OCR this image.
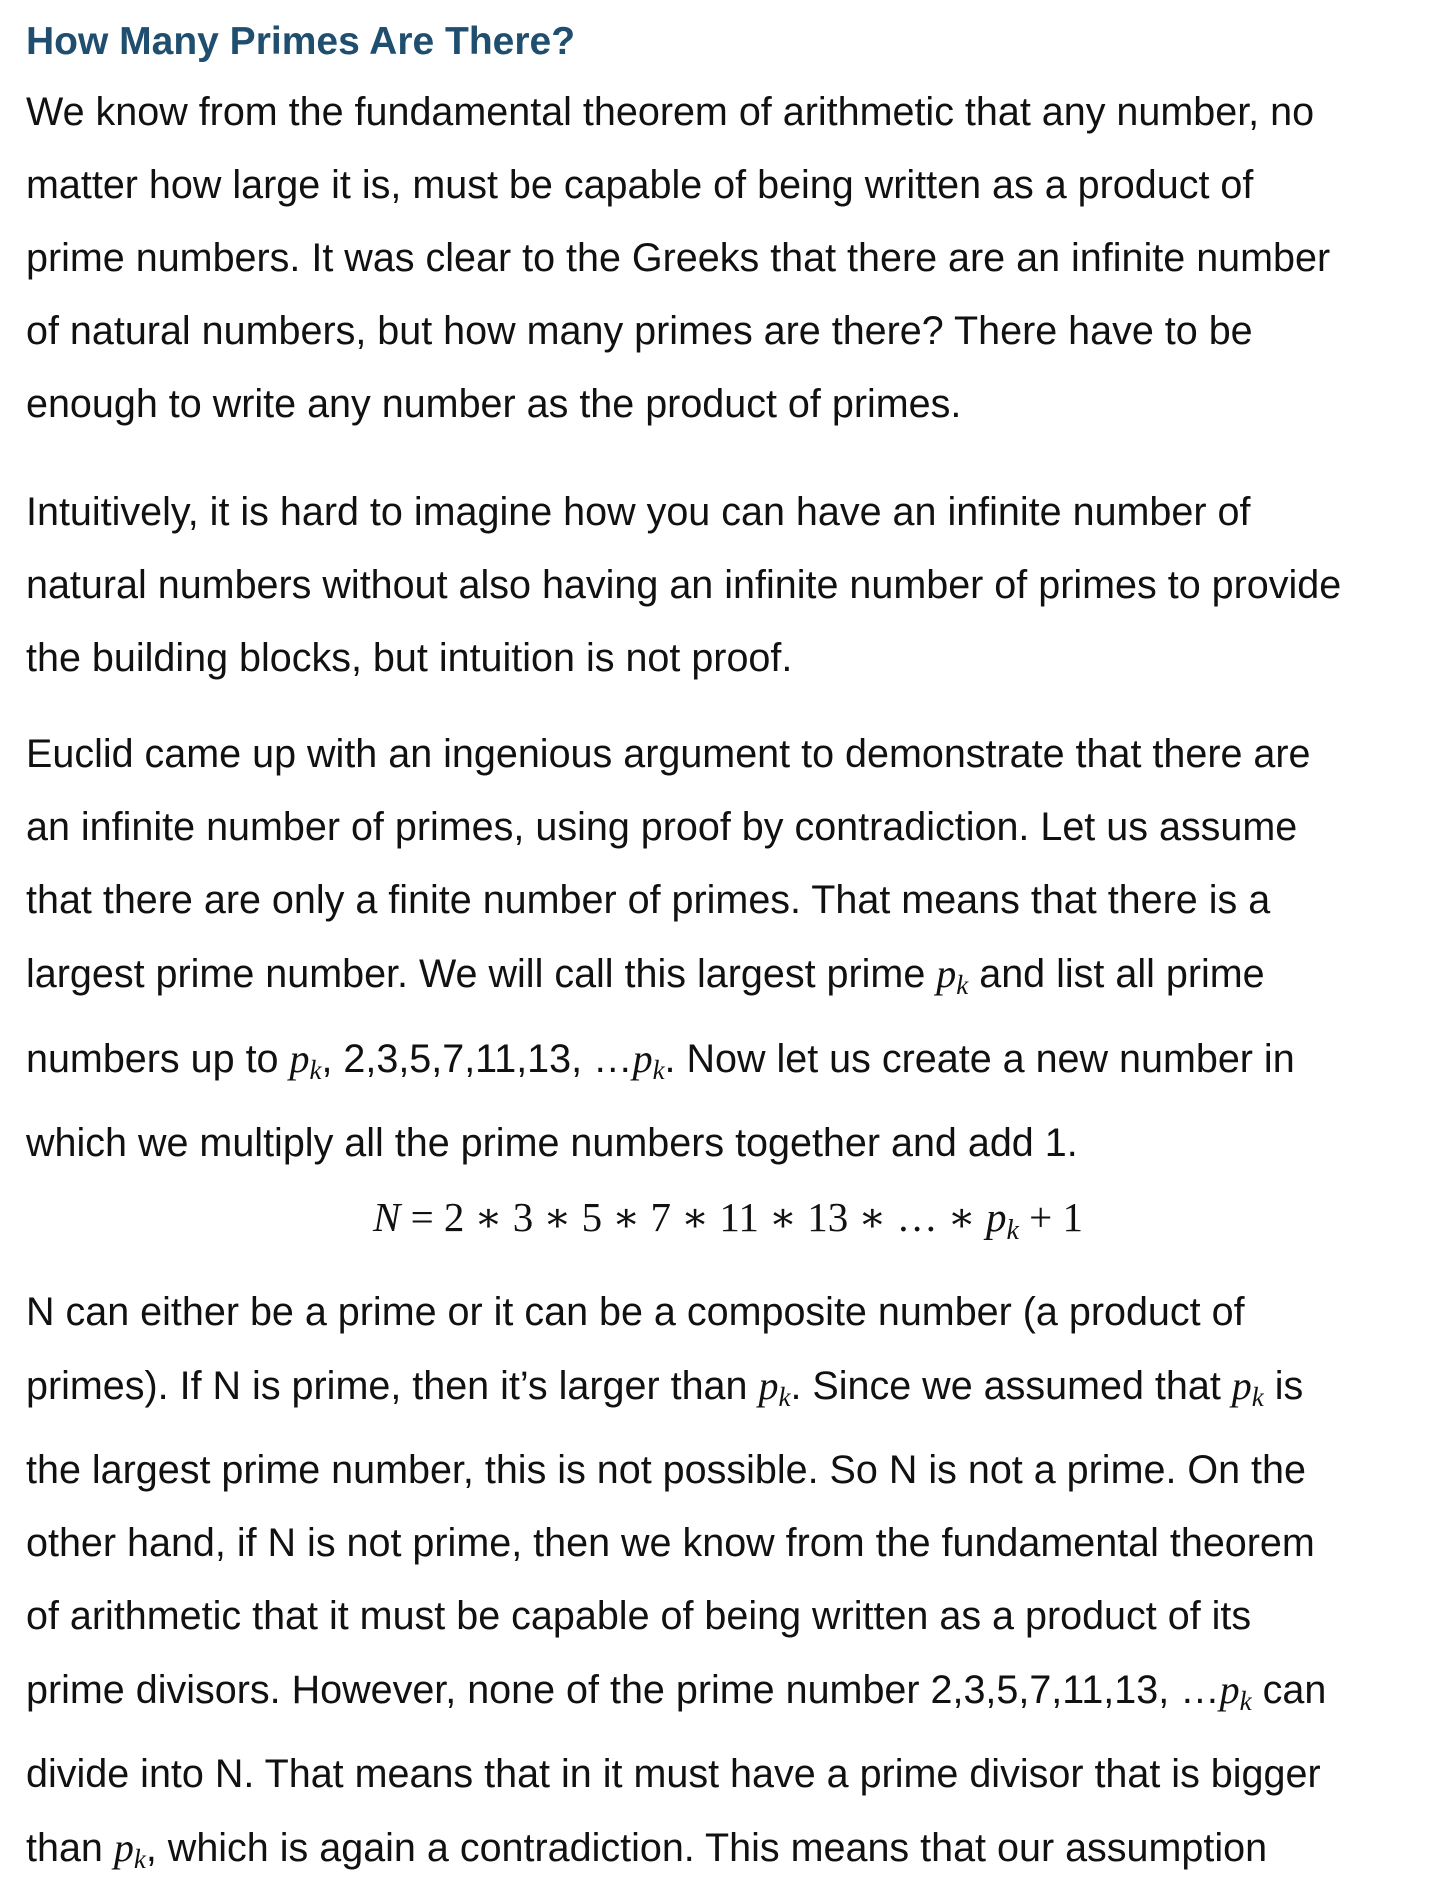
How Many Primes Are There?

We know from the fundamental theorem of arithmetic that any number, no
matter how large it is, must be capable of being written as a product of
prime numbers. It was clear to the Greeks that there are an infinite number
of natural numbers, but how many primes are there? There have to be
enough to write any number as the product of primes.

Intuitively, it is hard to imagine how you can have an infinite number of
natural numbers without also having an infinite number of primes to provide
the building blocks, but intuition is not proof.

Euclid came up with an ingenious argument to demonstrate that there are
an infinite number of primes, using proof by contradiction. Let us assume
that there are only a finite number of primes. That means that there is a
largest prime number. We will call this largest prime $p_k$ and list all prime
numbers up to $p_k$, 2,3,5,7,11,13, $\dots p_k$. Now let us create a new number in
which we multiply all the prime numbers together and add 1.

N = 2 ∗ 3 ∗ 5 ∗ 7 ∗ 11 ∗ 13 ∗ … ∗ $p_k + 1$

N can either be a prime or it can be a composite number (a product of
primes). If N is prime, then it’s larger than $p_k$. Since we assumed that $p_k$ is
the largest prime number, this is not possible. So N is not a prime. On the
other hand, if N is not prime, then we know from the fundamental theorem
of arithmetic that it must be capable of being written as a product of its
prime divisors. However, none of the prime number 2,3,5,7,11,13, $\dots p_k$ can
divide into N. That means that in it must have a prime divisor that is bigger
than $p_k$, which is again a contradiction. This means that our assumption
